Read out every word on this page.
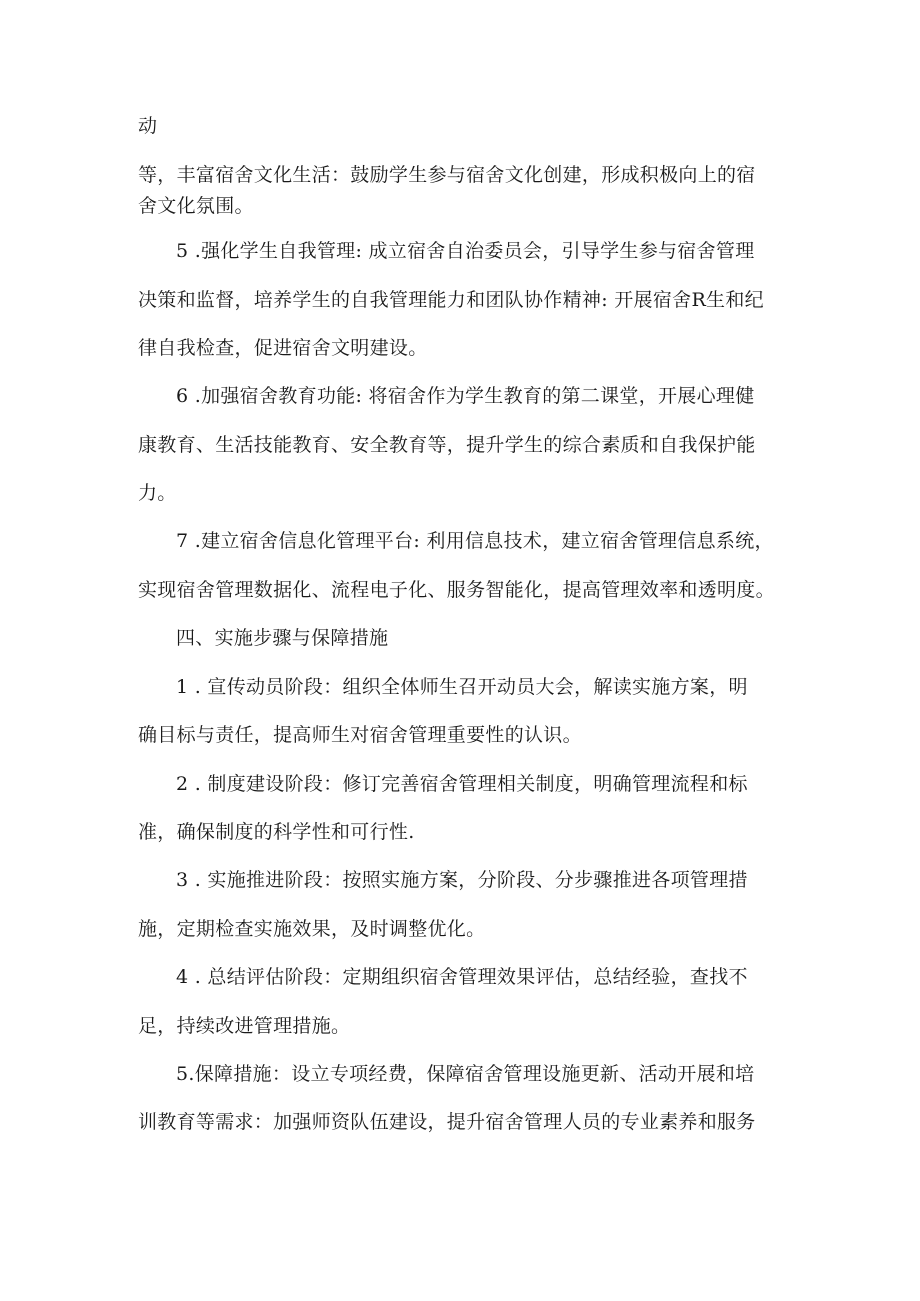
动
等，丰富宿舍文化生活：鼓励学生参与宿舍文化创建，形成积极向上的宿
舍文化氛围。
5 .强化学生自我管理: 成立宿舍自治委员会，引导学生参与宿舍管理
决策和监督，培养学生的自我管理能力和团队协作精神: 开展宿舍R生和纪
律自我检查，促进宿舍文明建设。
6 .加强宿舍教育功能: 将宿舍作为学生教育的第二课堂，开展心理健
康教育、生活技能教育、安全教育等，提升学生的综合素质和自我保护能
力。
7 .建立宿舍信息化管理平台: 利用信息技术，建立宿舍管理信息系统，
实现宿舍管理数据化、流程电子化、服务智能化，提高管理效率和透明度。
四、实施步骤与保障措施
1 . 宣传动员阶段：组织全体师生召开动员大会，解读实施方案，明
确目标与责任，提高师生对宿舍管理重要性的认识。
2 . 制度建设阶段：修订完善宿舍管理相关制度，明确管理流程和标
准，确保制度的科学性和可行性.
3 . 实施推进阶段：按照实施方案，分阶段、分步骤推进各项管理措
施，定期检查实施效果，及时调整优化。
4 . 总结评估阶段：定期组织宿舍管理效果评估，总结经验，查找不
足，持续改进管理措施。
5.保障措施：设立专项经费，保障宿舍管理设施更新、活动开展和培
训教育等需求：加强师资队伍建设，提升宿舍管理人员的专业素养和服务
